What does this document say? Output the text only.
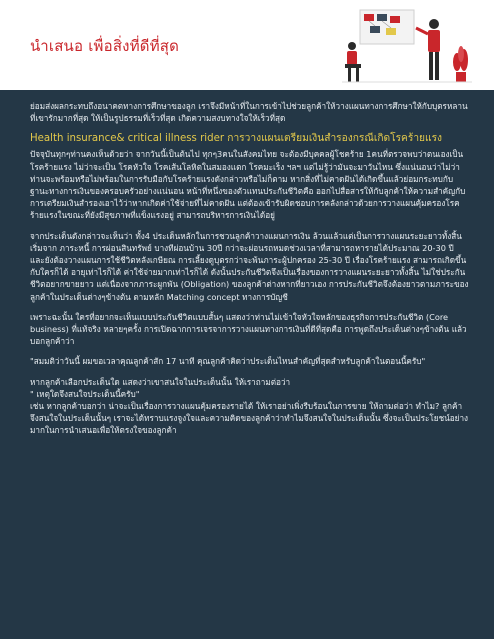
นำเสนอ เพื่อสิ่งที่ดีที่สุด

ย่อมส่งผลกระทบถึงอนาคตทางการศึกษาของลูก เราจึงมีหน้าที่ในการเข้าไปช่วยลูกค้าให้วางแผนทางการศึกษาให้กับบุตรหลานที่เขารักมากที่สุด ให้เป็นรูปธรรมที่เร็วที่สุด เกิดความสงบทางใจให้เร็วที่สุด

Health insurance& critical illness rider การวางแผนเตรียมเงินสำรองกรณีเกิดโรคร้ายแรง

ปัจจุบันทุกๆท่านคงเห็นด้วยว่า จากวันนี้เป็นต้นไป ทุกๆ3คนในสังคมไทย จะต้องมีบุคคลผู้โชคร้าย 1คนที่ตรวจพบว่าตนเองเป็นโรคร้ายแรง ไม่ว่าจะเป็น โรคหัวใจ โรคเส้นโลหิตในสมองแตก โรคมะเร็ง ฯลฯ แต่ไม่รู้ว่ามันจะมาวันไหน ซึ่งแน่นอนว่าไม่ว่าท่านจะพร้อมหรือไม่พร้อมในการรับมือกับโรคร้ายแรงดังกล่าวหรือไม่ก็ตาม หากสิ่งที่ไม่คาดฝันได้เกิดขึ้นแล้วย่อมกระทบกับฐานะทางการเงินของครอบครัวอย่างแน่นอน หน้าที่หนึ่งของตัวแทนประกันชีวิตคือ ออกไปสื่อสารให้กับลูกค้าให้ความสำคัญกับการเตรียมเงินสำรองเอาไว้ว่าหากเกิดค่าใช้จ่ายที่ไม่คาดฝัน แต่ต้องเข้ารับผิดชอบการคลังกล่าวด้วยการวางแผนคุ้มครองโรคร้ายแรงในขณะที่ยังมีสุขภาพที่แข็งแรงอยู่ สามารถบริหารการเงินได้อยู่

จากประเด็นดังกล่าวจะเห็นว่า ทั้ง4 ประเด็นหลักในการชวนลูกค้าวางแผนการเงิน ล้วนแล้วแต่เป็นการวางแผนระยะยาวทั้งสิ้น เริ่มจาก ภาระหนี้ การผ่อนสินทรัพย์ บางทีผ่อนบ้าน 30ปี กว่าจะผ่อนรถหมดช่วงเวลาที่สามารถหารายได้ประมาณ 20-30 ปี และยังต้องวางแผนการใช้ชีวิตหลังเกษียณ การเลี้ยงดูบุตรกว่าจะพ้นภาระผู้ปกครอง 25-30 ปี เรื่องโรคร้ายแรง สามารถเกิดขึ้นกับใครก็ได้ อายุเท่าไรก็ได้ ค่าใช้จ่ายมากเท่าไรก็ได้ ดังนั้นประกันชีวิตจึงเป็นเรื่องของการวางแผนระยะยาวทั้งสิ้น ไม่ใช่ประกันชีวิตอยากขายยาว แต่เนื่องจากภาระผูกพัน (Obligation) ของลูกค้าต่างหากที่ยาวเอง การประกันชีวิตจึงต้องยาวตามภาระของลูกค้าในประเด็นต่างๆข้างต้น ตามหลัก Matching concept ทางการบัญชี

เพราะฉะนั้น ใครที่อยากจะเห็นแบบประกันชีวิตแบบสั้นๆ แสดงว่าท่านไม่เข้าใจหัวใจหลักของธุรกิจการประกันชีวิต (Core business) ที่แท้จริง หลายๆครั้ง การเปิดฉากการเจรจาการวางแผนทางการเงินที่ดีที่สุดคือ การพูดถึงประเด็นต่างๆข้างต้น แล้วบอกลูกค้าว่า

"สมมติว่าวันนี้ ผมขอเวลาคุณลูกค้าสัก 17 นาที คุณลูกค้าคิดว่าประเด็นไหนสำคัญที่สุดสำหรับลูกค้าในตอนนี้ครับ"

หากลูกค้าเลือกประเด็นใด แสดงว่าเขาสนใจในประเด็นนั้น ให้เราถามต่อว่า

" เหตุใดจึงสนใจประเด็นนี้ครับ"

เช่น หากลูกค้าบอกว่า น่าจะเป็นเรื่องการวางแผนคุ้มครองรายได้ ให้เราอย่าเพิ่งรีบร้อนในการขาย ให้ถามต่อว่า ทำไม? ลูกค้าจึงสนใจในประเด็นนั้นๆ เราจะได้ทราบแรงจูงใจและความคิดของลูกค้าว่าทำไมจึงสนใจในประเด็นนั้น ซึ่งจะเป็นประโยชน์อย่างมากในการนำเสนอเพื่อให้ตรงใจของลูกค้า
